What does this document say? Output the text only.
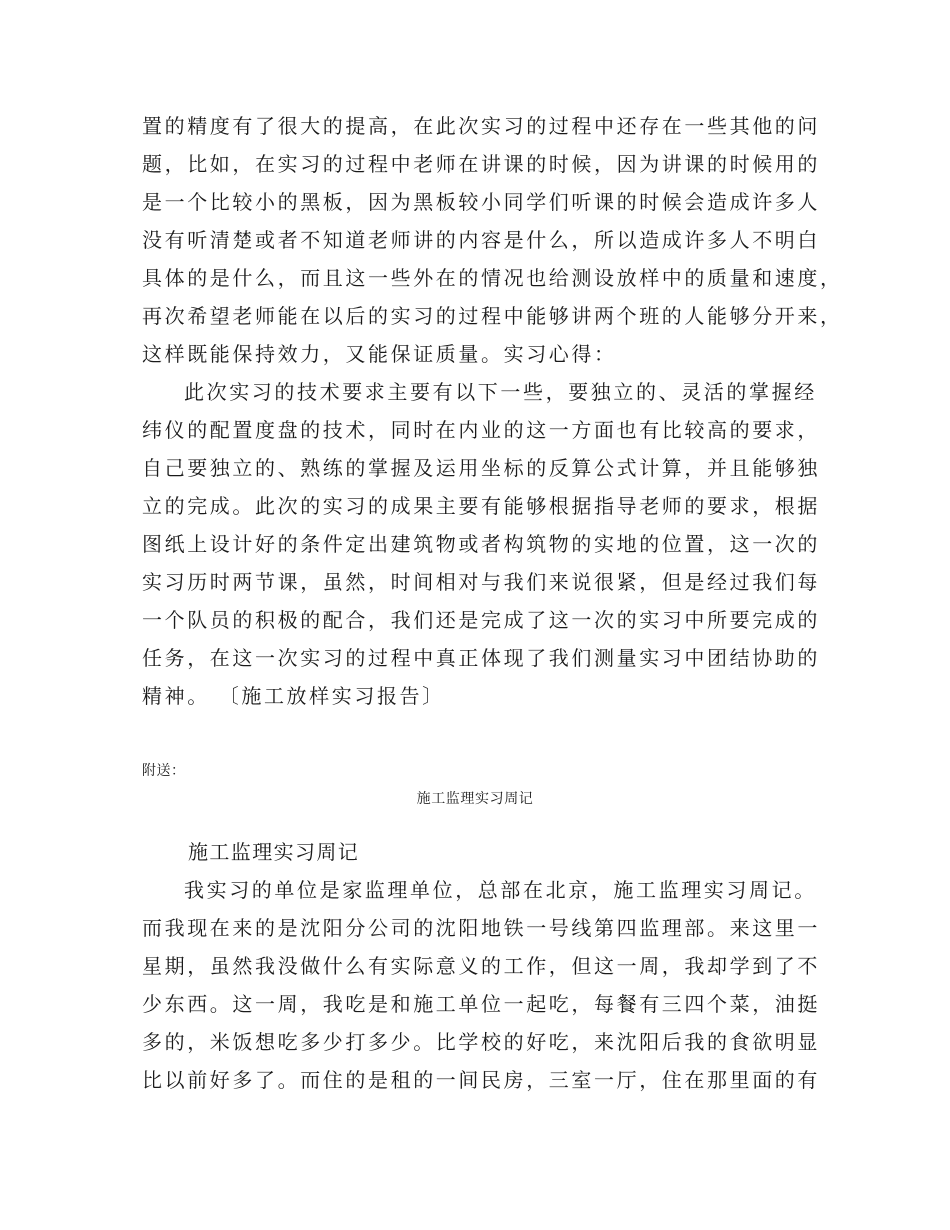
置的精度有了很大的提高，在此次实习的过程中还存在一些其他的问
题，比如，在实习的过程中老师在讲课的时候，因为讲课的时候用的
是一个比较小的黑板，因为黑板较小同学们听课的时候会造成许多人
没有听清楚或者不知道老师讲的内容是什么，所以造成许多人不明白
具体的是什么，而且这一些外在的情况也给测设放样中的质量和速度，
再次希望老师能在以后的实习的过程中能够讲两个班的人能够分开来，
这样既能保持效力，又能保证质量。实习心得：
此次实习的技术要求主要有以下一些，要独立的、灵活的掌握经
纬仪的配置度盘的技术，同时在内业的这一方面也有比较高的要求，
自己要独立的、熟练的掌握及运用坐标的反算公式计算，并且能够独
立的完成。此次的实习的成果主要有能够根据指导老师的要求，根据
图纸上设计好的条件定出建筑物或者构筑物的实地的位置，这一次的
实习历时两节课，虽然，时间相对与我们来说很紧，但是经过我们每
一个队员的积极的配合，我们还是完成了这一次的实习中所要完成的
任务，在这一次实习的过程中真正体现了我们测量实习中团结协助的
精神。 〔施工放样实习报告〕
附送：
施工监理实习周记
施工监理实习周记
我实习的单位是家监理单位，总部在北京，施工监理实习周记。
而我现在来的是沈阳分公司的沈阳地铁一号线第四监理部。来这里一
星期，虽然我没做什么有实际意义的工作，但这一周，我却学到了不
少东西。这一周，我吃是和施工单位一起吃，每餐有三四个菜，油挺
多的，米饭想吃多少打多少。比学校的好吃，来沈阳后我的食欲明显
比以前好多了。而住的是租的一间民房，三室一厅，住在那里面的有
